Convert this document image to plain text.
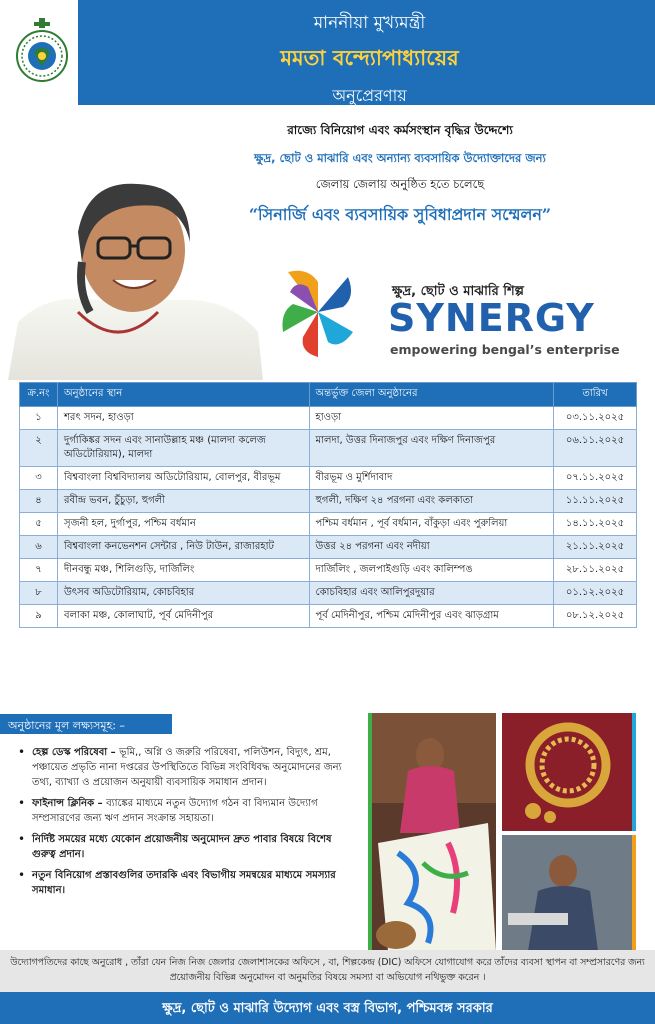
মাননীয়া মুখ্যমন্ত্রী
মমতা বন্দ্যোপাধ্যায়ের
অনুপ্রেরণায়
রাজ্যে বিনিয়োগ এবং কর্মসংস্থান বৃদ্ধির উদ্দেশ্যে
ক্ষুদ্র, ছোট ও মাঝারি এবং অন্যান্য ব্যবসায়িক উদ্যোক্তাদের জন্য
জেলায় জেলায় অনুষ্ঠিত হতে চলেছে
“সিনার্জি এবং ব্যবসায়িক সুবিধাপ্রদান সম্মেলন”
ক্ষুদ্র, ছোট ও মাঝারি শিল্প
SYNERGY
empowering bengal’s enterprise
ক্র.নং	অনুষ্ঠানের স্থান	অন্তর্ভুক্ত জেলা অনুষ্ঠানের	তারিখ
১	শরৎ সদন, হাওড়া	হাওড়া	০৩.১১.২০২৫
২	দুর্গাকিঙ্কর সদন এবং সানাউল্লাহ মঞ্চ (মালদা কলেজ অডিটোরিয়াম), মালদা	মালদা, উত্তর দিনাজপুর এবং দক্ষিণ দিনাজপুর	০৬.১১.২০২৫
৩	বিশ্ববাংলা বিশ্ববিদ্যালয় অডিটোরিয়াম, বোলপুর, বীরভূম	বীরভূম ও মুর্শিদাবাদ	০৭.১১.২০২৫
৪	রবীন্দ্র ভবন, চুঁচুড়া, হুগলী	হুগলী, দক্ষিণ ২৪ পরগনা এবং কলকাতা	১১.১১.২০২৫
৫	সৃজনী হল, দুর্গাপুর, পশ্চিম বর্ধমান	পশ্চিম বর্ধমান , পূর্ব বর্ধমান, বাঁকুড়া এবং পুরুলিয়া	১৪.১১.২০২৫
৬	বিশ্ববাংলা কনভেনশন সেন্টার , নিউ টাউন, রাজারহাট	উত্তর ২৪ পরগনা এবং নদীয়া	২১.১১.২০২৫
৭	দীনবন্ধু মঞ্চ, শিলিগুড়ি, দার্জিলিং	দার্জিলিং , জলপাইগুড়ি এবং কালিম্পঙ	২৮.১১.২০২৫
৮	উৎসব অডিটোরিয়াম, কোচবিহার	কোচবিহার এবং আলিপুরদুয়ার	০১.১২.২০২৫
৯	বলাকা মঞ্চ, কোলাঘাট, পূর্ব মেদিনীপুর	পূর্ব মেদিনীপুর, পশ্চিম মেদিনীপুর এবং ঝাড়গ্রাম	০৮.১২.২০২৫
অনুষ্ঠানের মূল লক্ষ্যসমূহ: –
• হেল্প ডেস্ক পরিষেবা – ভূমি,, অগ্নি ও জরুরি পরিষেবা, পলিউশন, বিদ্যুৎ, শ্রম, পঞ্চায়েত প্রভৃতি নানা দপ্তরের উপস্থিতিতে বিভিন্ন সংবিধিবদ্ধ অনুমোদনের জন্য তথ্য, ব্যাখ্যা ও প্রয়োজন অনুযায়ী ব্যবসায়িক সমাধান প্রদান।
• ফাইনান্স ক্লিনিক – ব্যাঙ্কের মাধ্যমে নতুন উদ্যোগ গঠন বা বিদ্যমান উদ্যোগ সম্প্রসারণের জন্য ঋণ প্রদান সংক্রান্ত সহায়তা।
• নির্দিষ্ট সময়ের মধ্যে যেকোন প্রয়োজনীয় অনুমোদন দ্রুত পাবার বিষয়ে বিশেষ গুরুত্ব প্রদান।
• নতুন বিনিয়োগ প্রস্তাবগুলির তদারকি এবং বিভাগীয় সমন্বয়ের মাধ্যমে সমস্যার সমাধান।
উদ্যোগপতিদের কাছে অনুরোধ , তাঁরা যেন নিজ নিজ জেলার জেলাশাসকের অফিসে , বা, শিল্পকেন্দ্র (DIC) অফিসে যোগাযোগ করে তাঁদের ব্যবসা স্থাপন বা সম্প্রসারণের জন্য প্রয়োজনীয় বিভিন্ন অনুমোদন বা অনুমতির বিষয়ে সমস্যা বা অভিযোগ নথিভুক্ত করেন ।
ক্ষুদ্র, ছোট ও মাঝারি উদ্যোগ এবং বস্ত্র বিভাগ, পশ্চিমবঙ্গ সরকার
